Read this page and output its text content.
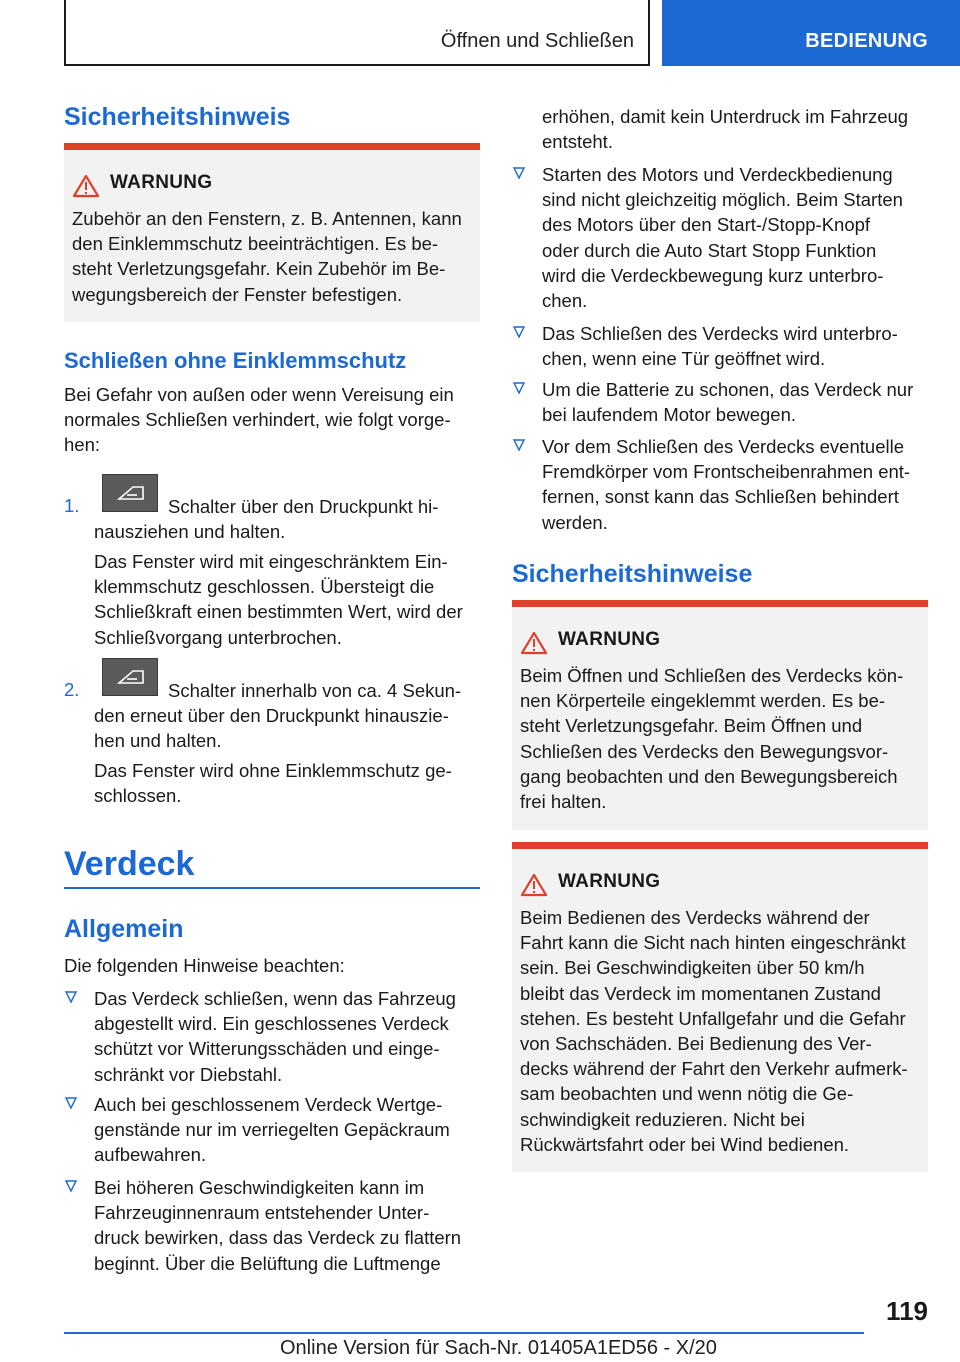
Öffnen und Schließen	BEDIENUNG
Sicherheitshinweis
WARNUNG
Zubehör an den Fenstern, z. B. Antennen, kann
den Einklemmschutz beeinträchtigen. Es be-
steht Verletzungsgefahr. Kein Zubehör im Be-
wegungsbereich der Fenster befestigen.
Schließen ohne Einklemmschutz
Bei Gefahr von außen oder wenn Vereisung ein
normales Schließen verhindert, wie folgt vorge-
hen:
1.	Schalter über den Druckpunkt hi-
nausziehen und halten.
Das Fenster wird mit eingeschränktem Ein-
klemmschutz geschlossen. Übersteigt die
Schließkraft einen bestimmten Wert, wird der
Schließvorgang unterbrochen.
2.	Schalter innerhalb von ca. 4 Sekun-
den erneut über den Druckpunkt hinauszie-
hen und halten.
Das Fenster wird ohne Einklemmschutz ge-
schlossen.
Verdeck
Allgemein
Die folgenden Hinweise beachten:
Das Verdeck schließen, wenn das Fahrzeug
abgestellt wird. Ein geschlossenes Verdeck
schützt vor Witterungsschäden und einge-
schränkt vor Diebstahl.
Auch bei geschlossenem Verdeck Wertge-
genstände nur im verriegelten Gepäckraum
aufbewahren.
Bei höheren Geschwindigkeiten kann im
Fahrzeuginnenraum entstehender Unter-
druck bewirken, dass das Verdeck zu flattern
beginnt. Über die Belüftung die Luftmenge
erhöhen, damit kein Unterdruck im Fahrzeug
entsteht.
Starten des Motors und Verdeckbedienung
sind nicht gleichzeitig möglich. Beim Starten
des Motors über den Start-/Stopp-Knopf
oder durch die Auto Start Stopp Funktion
wird die Verdeckbewegung kurz unterbro-
chen.
Das Schließen des Verdecks wird unterbro-
chen, wenn eine Tür geöffnet wird.
Um die Batterie zu schonen, das Verdeck nur
bei laufendem Motor bewegen.
Vor dem Schließen des Verdecks eventuelle
Fremdkörper vom Frontscheibenrahmen ent-
fernen, sonst kann das Schließen behindert
werden.
Sicherheitshinweise
WARNUNG
Beim Öffnen und Schließen des Verdecks kön-
nen Körperteile eingeklemmt werden. Es be-
steht Verletzungsgefahr. Beim Öffnen und
Schließen des Verdecks den Bewegungsvor-
gang beobachten und den Bewegungsbereich
frei halten.
WARNUNG
Beim Bedienen des Verdecks während der
Fahrt kann die Sicht nach hinten eingeschränkt
sein. Bei Geschwindigkeiten über 50 km/h
bleibt das Verdeck im momentanen Zustand
stehen. Es besteht Unfallgefahr und die Gefahr
von Sachschäden. Bei Bedienung des Ver-
decks während der Fahrt den Verkehr aufmerk-
sam beobachten und wenn nötig die Ge-
schwindigkeit reduzieren. Nicht bei
Rückwärtsfahrt oder bei Wind bedienen.
119
Online Version für Sach-Nr. 01405A1ED56 - X/20
